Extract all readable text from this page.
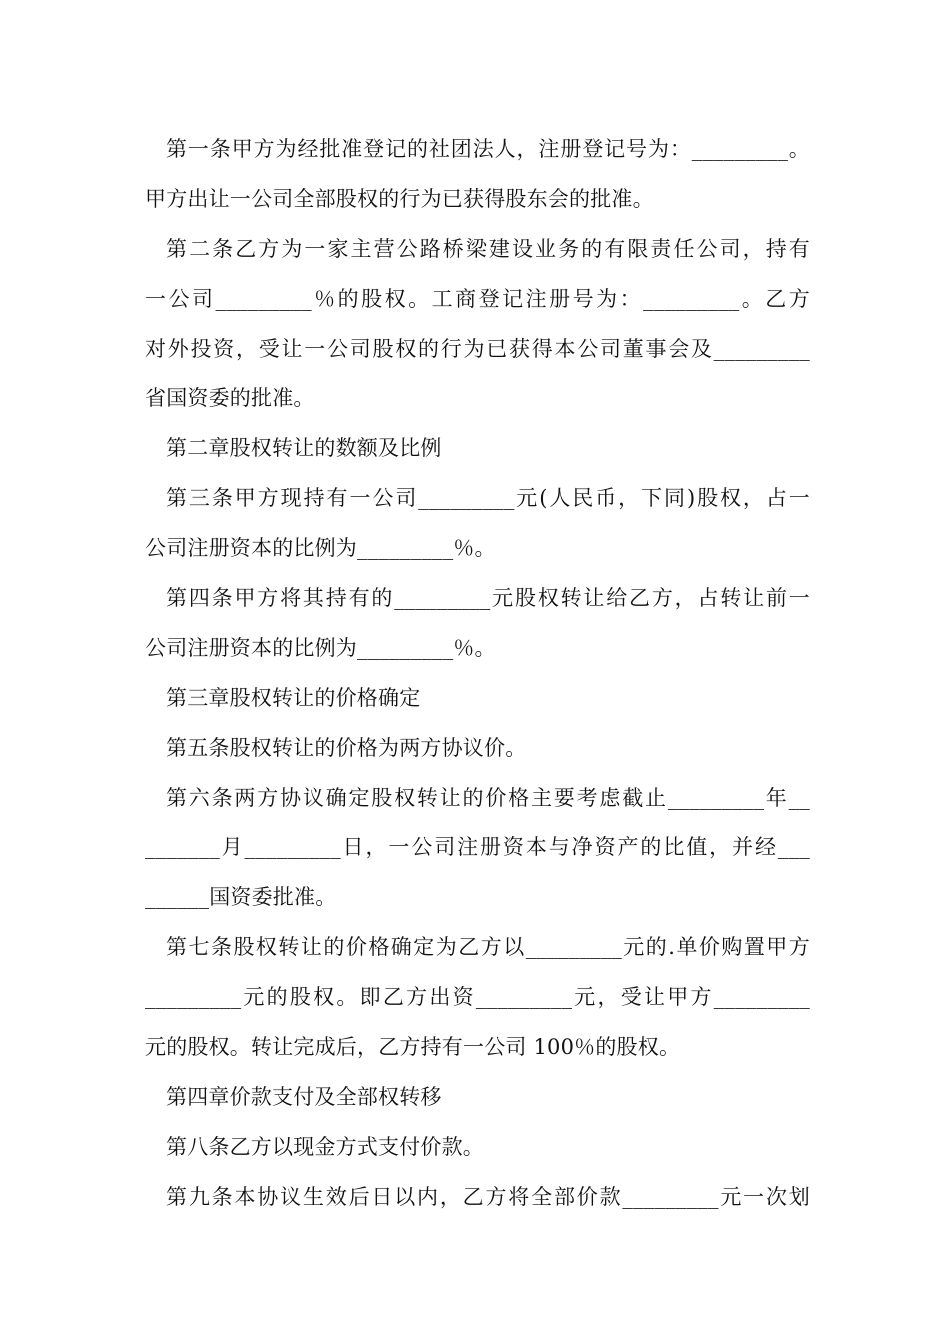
第一条甲方为经批准登记的社团法人，注册登记号为：_________。
甲方出让一公司全部股权的行为已获得股东会的批准。
第二条乙方为一家主营公路桥梁建设业务的有限责任公司，持有
一公司_________％的股权。工商登记注册号为：_________。乙方
对外投资，受让一公司股权的行为已获得本公司董事会及_________
省国资委的批准。
第二章股权转让的数额及比例
第三条甲方现持有一公司_________元(人民币，下同)股权，占一
公司注册资本的比例为_________％。
第四条甲方将其持有的_________元股权转让给乙方，占转让前一
公司注册资本的比例为_________％。
第三章股权转让的价格确定
第五条股权转让的价格为两方协议价。
第六条两方协议确定股权转让的价格主要考虑截止_________年__
_______月_________日，一公司注册资本与净资产的比值，并经___
______国资委批准。
第七条股权转让的价格确定为乙方以_________元的.单价购置甲方
_________元的股权。即乙方出资_________元，受让甲方_________
元的股权。转让完成后，乙方持有一公司 100％的股权。
第四章价款支付及全部权转移
第八条乙方以现金方式支付价款。
第九条本协议生效后日以内，乙方将全部价款_________元一次划
